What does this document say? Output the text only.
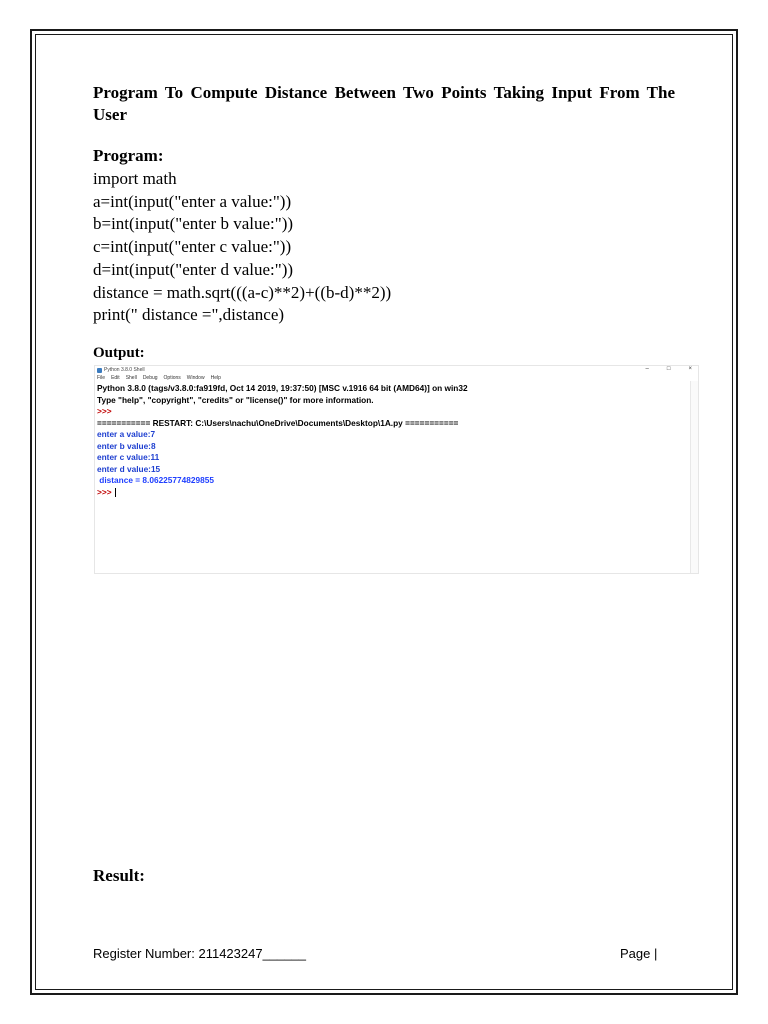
Program To Compute Distance Between Two Points Taking Input From The User
Program:
import math
a=int(input("enter a value:"))
b=int(input("enter b value:"))
c=int(input("enter c value:"))
d=int(input("enter d value:"))
distance = math.sqrt(((a-c)**2)+((b-d)**2))
print(" distance =",distance)
Output:
Python 3.8.0 Shell	–	□	×
File Edit Shell Debug Options Window Help
Python 3.8.0 (tags/v3.8.0:fa919fd, Oct 14 2019, 19:37:50) [MSC v.1916 64 bit (AMD64)] on win32
Type "help", "copyright", "credits" or "license()" for more information.
>>>
=========== RESTART: C:\Users\nachu\OneDrive\Documents\Desktop\1A.py ===========
enter a value:7
enter b value:8
enter c value:11
enter d value:15
distance = 8.06225774829855
>>>
Result:
Register Number: 211423247______	Page |
